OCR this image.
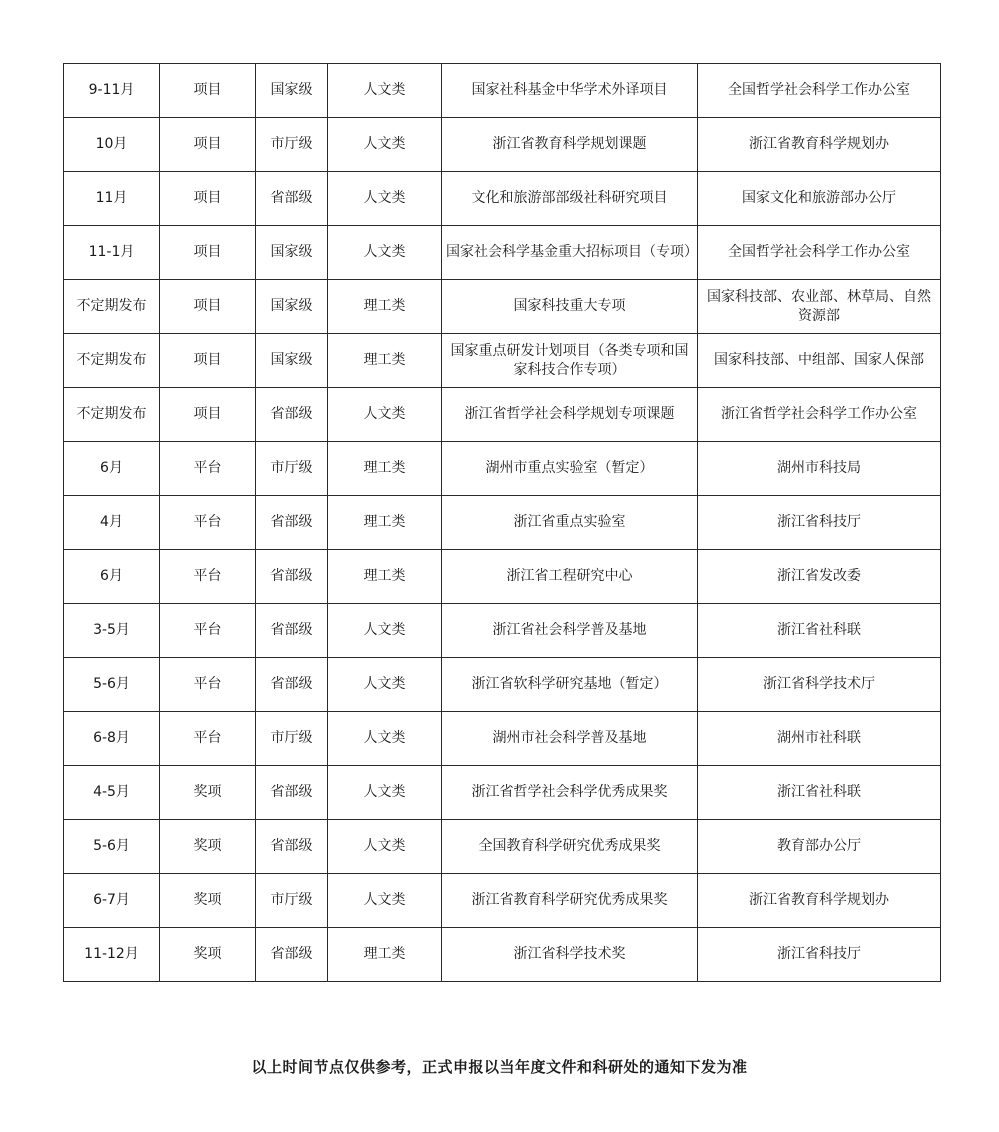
9-11月	项目	国家级	人文类	国家社科基金中华学术外译项目	全国哲学社会科学工作办公室
10月	项目	市厅级	人文类	浙江省教育科学规划课题	浙江省教育科学规划办
11月	项目	省部级	人文类	文化和旅游部部级社科研究项目	国家文化和旅游部办公厅
11-1月	项目	国家级	人文类	国家社会科学基金重大招标项目（专项）	全国哲学社会科学工作办公室
不定期发布	项目	国家级	理工类	国家科技重大专项	国家科技部、农业部、林草局、自然资源部
不定期发布	项目	国家级	理工类	国家重点研发计划项目（各类专项和国家科技合作专项）	国家科技部、中组部、国家人保部
不定期发布	项目	省部级	人文类	浙江省哲学社会科学规划专项课题	浙江省哲学社会科学工作办公室
6月	平台	市厅级	理工类	湖州市重点实验室（暂定）	湖州市科技局
4月	平台	省部级	理工类	浙江省重点实验室	浙江省科技厅
6月	平台	省部级	理工类	浙江省工程研究中心	浙江省发改委
3-5月	平台	省部级	人文类	浙江省社会科学普及基地	浙江省社科联
5-6月	平台	省部级	人文类	浙江省软科学研究基地（暂定）	浙江省科学技术厅
6-8月	平台	市厅级	人文类	湖州市社会科学普及基地	湖州市社科联
4-5月	奖项	省部级	人文类	浙江省哲学社会科学优秀成果奖	浙江省社科联
5-6月	奖项	省部级	人文类	全国教育科学研究优秀成果奖	教育部办公厅
6-7月	奖项	市厅级	人文类	浙江省教育科学研究优秀成果奖	浙江省教育科学规划办
11-12月	奖项	省部级	理工类	浙江省科学技术奖	浙江省科技厅

以上时间节点仅供参考，正式申报以当年度文件和科研处的通知下发为准
